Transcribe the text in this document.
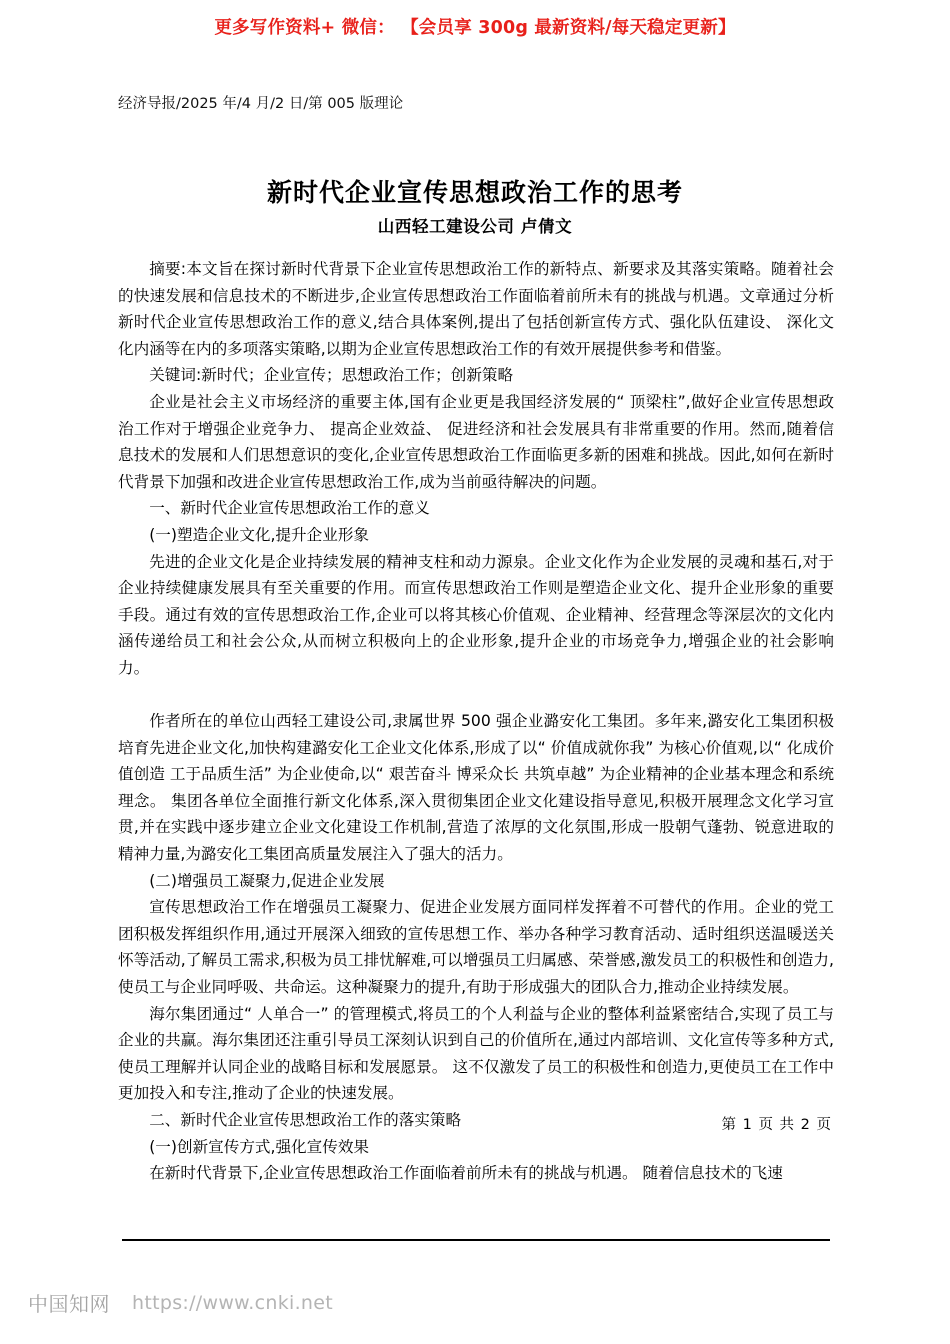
更多写作资料+ 微信： 【会员享 300g 最新资料/每天稳定更新】
经济导报/2025 年/4 月/2 日/第 005 版理论
新时代企业宣传思想政治工作的思考
山西轻工建设公司 卢倩文

摘要:本文旨在探讨新时代背景下企业宣传思想政治工作的新特点、新要求及其落实策略。随着社会的快速发展和信息技术的不断进步,企业宣传思想政治工作面临着前所未有的挑战与机遇。文章通过分析新时代企业宣传思想政治工作的意义,结合具体案例,提出了包括创新宣传方式、强化队伍建设、 深化文化内涵等在内的多项落实策略,以期为企业宣传思想政治工作的有效开展提供参考和借鉴。

关键词:新时代；企业宣传；思想政治工作；创新策略

企业是社会主义市场经济的重要主体,国有企业更是我国经济发展的“ 顶梁柱”,做好企业宣传思想政治工作对于增强企业竞争力、 提高企业效益、 促进经济和社会发展具有非常重要的作用。然而,随着信息技术的发展和人们思想意识的变化,企业宣传思想政治工作面临更多新的困难和挑战。因此,如何在新时代背景下加强和改进企业宣传思想政治工作,成为当前亟待解决的问题。

一、新时代企业宣传思想政治工作的意义

(一)塑造企业文化,提升企业形象

先进的企业文化是企业持续发展的精神支柱和动力源泉。企业文化作为企业发展的灵魂和基石,对于企业持续健康发展具有至关重要的作用。而宣传思想政治工作则是塑造企业文化、提升企业形象的重要手段。通过有效的宣传思想政治工作,企业可以将其核心价值观、企业精神、经营理念等深层次的文化内涵传递给员工和社会公众,从而树立积极向上的企业形象,提升企业的市场竞争力,增强企业的社会影响力。

作者所在的单位山西轻工建设公司,隶属世界 500 强企业潞安化工集团。多年来,潞安化工集团积极培育先进企业文化,加快构建潞安化工企业文化体系,形成了以“ 价值成就你我” 为核心价值观,以“ 化成价值创造 工于品质生活” 为企业使命,以“ 艰苦奋斗 博采众长 共筑卓越” 为企业精神的企业基本理念和系统理念。 集团各单位全面推行新文化体系,深入贯彻集团企业文化建设指导意见,积极开展理念文化学习宣贯,并在实践中逐步建立企业文化建设工作机制,营造了浓厚的文化氛围,形成一股朝气蓬勃、锐意进取的精神力量,为潞安化工集团高质量发展注入了强大的活力。

(二)增强员工凝聚力,促进企业发展

宣传思想政治工作在增强员工凝聚力、促进企业发展方面同样发挥着不可替代的作用。企业的党工团积极发挥组织作用,通过开展深入细致的宣传思想工作、举办各种学习教育活动、适时组织送温暖送关怀等活动,了解员工需求,积极为员工排忧解难,可以增强员工归属感、荣誉感,激发员工的积极性和创造力,使员工与企业同呼吸、共命运。这种凝聚力的提升,有助于形成强大的团队合力,推动企业持续发展。

海尔集团通过“ 人单合一” 的管理模式,将员工的个人利益与企业的整体利益紧密结合,实现了员工与企业的共赢。海尔集团还注重引导员工深刻认识到自己的价值所在,通过内部培训、文化宣传等多种方式,使员工理解并认同企业的战略目标和发展愿景。 这不仅激发了员工的积极性和创造力,更使员工在工作中更加投入和专注,推动了企业的快速发展。

二、新时代企业宣传思想政治工作的落实策略

(一)创新宣传方式,强化宣传效果

在新时代背景下,企业宣传思想政治工作面临着前所未有的挑战与机遇。 随着信息技术的飞速

第 1 页 共 2 页
中国知网 https://www.cnki.net
